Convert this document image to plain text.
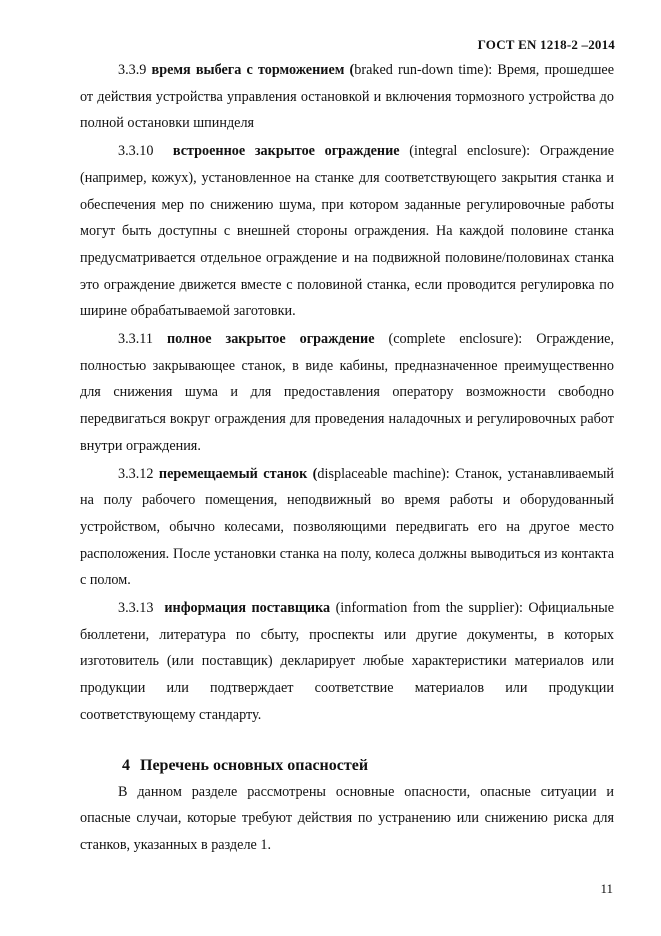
ГОСТ EN 1218-2 –2014

3.3.9 время выбега с торможением (braked run-down time): Время, прошедшее от действия устройства управления остановкой и включения тормозного устройства до полной остановки шпинделя

3.3.10 встроенное закрытое ограждение (integral enclosure): Ограждение (например, кожух), установленное на станке для соответствующего закрытия станка и обеспечения мер по снижению шума, при котором заданные регулировочные работы могут быть доступны с внешней стороны ограждения. На каждой половине станка предусматривается отдельное ограждение и на подвижной половине/половинах станка это ограждение движется вместе с половиной станка, если проводится регулировка по ширине обрабатываемой заготовки.

3.3.11 полное закрытое ограждение (complete enclosure): Ограждение, полностью закрывающее станок, в виде кабины, предназначенное преимущественно для снижения шума и для предоставления оператору возможности свободно передвигаться вокруг ограждения для проведения наладочных и регулировочных работ внутри ограждения.

3.3.12 перемещаемый станок (displaceable machine): Станок, устанавливаемый на полу рабочего помещения, неподвижный во время работы и оборудованный устройством, обычно колесами, позволяющими передвигать его на другое место расположения. После установки станка на полу, колеса должны выводиться из контакта с полом.

3.3.13 информация поставщика (information from the supplier): Официальные бюллетени, литература по сбыту, проспекты или другие документы, в которых изготовитель (или поставщик) декларирует любые характеристики материалов или продукции или подтверждает соответствие материалов или продукции соответствующему стандарту.

4 Перечень основных опасностей

В данном разделе рассмотрены основные опасности, опасные ситуации и опасные случаи, которые требуют действия по устранению или снижению риска для станков, указанных в разделе 1.

11
